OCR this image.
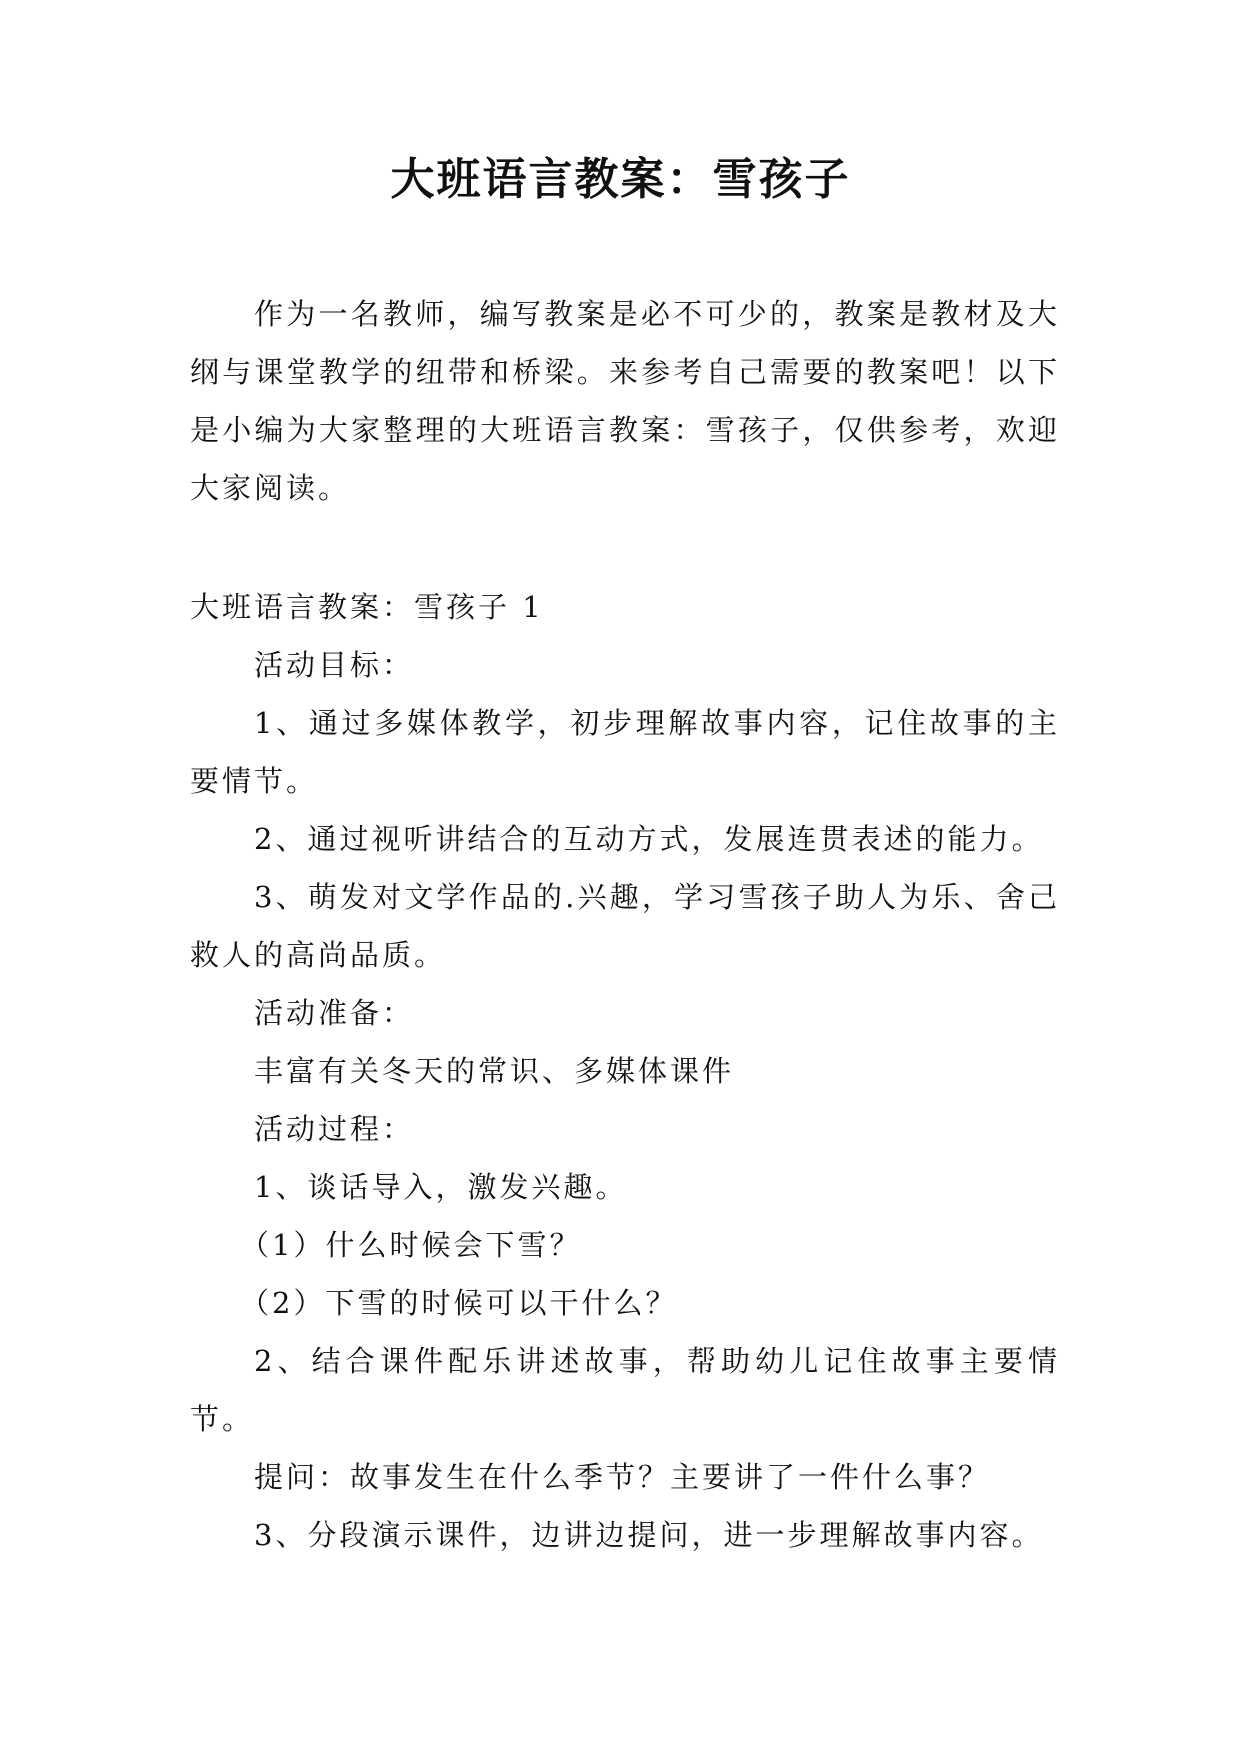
大班语言教案：雪孩子

作为一名教师，编写教案是必不可少的，教案是教材及大纲与课堂教学的纽带和桥梁。来参考自己需要的教案吧！以下是小编为大家整理的大班语言教案：雪孩子，仅供参考，欢迎大家阅读。

大班语言教案：雪孩子 1

活动目标：

1、通过多媒体教学，初步理解故事内容，记住故事的主要情节。

2、通过视听讲结合的互动方式，发展连贯表述的能力。

3、萌发对文学作品的.兴趣，学习雪孩子助人为乐、舍己救人的高尚品质。

活动准备：

丰富有关冬天的常识、多媒体课件

活动过程：

1、谈话导入，激发兴趣。

（1）什么时候会下雪？

（2）下雪的时候可以干什么？

2、结合课件配乐讲述故事，帮助幼儿记住故事主要情节。

提问：故事发生在什么季节？主要讲了一件什么事？

3、分段演示课件，边讲边提问，进一步理解故事内容。
